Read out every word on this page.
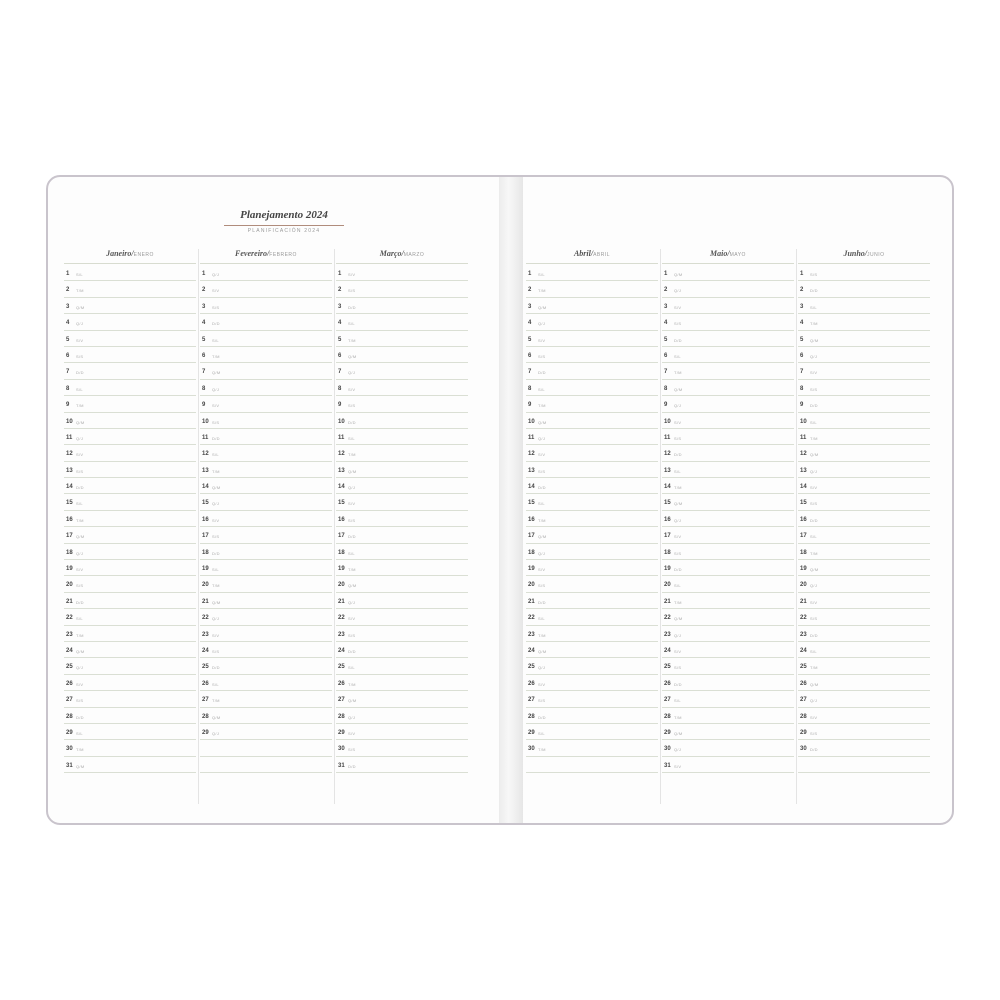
Planejamento 2024
PLANIFICACIÓN 2024
Janeiro/ENERO
1 S/L
2 T/M
3 Q/M
4 Q/J
5 S/V
6 S/S
7 D/D
8 S/L
9 T/M
10 Q/M
11 Q/J
12 S/V
13 S/S
14 D/D
15 S/L
16 T/M
17 Q/M
18 Q/J
19 S/V
20 S/S
21 D/D
22 S/L
23 T/M
24 Q/M
25 Q/J
26 S/V
27 S/S
28 D/D
29 S/L
30 T/M
31 Q/M
Fevereiro/FEBRERO
1 Q/J
2 S/V
3 S/S
4 D/D
5 S/L
6 T/M
7 Q/M
8 Q/J
9 S/V
10 S/S
11 D/D
12 S/L
13 T/M
14 Q/M
15 Q/J
16 S/V
17 S/S
18 D/D
19 S/L
20 T/M
21 Q/M
22 Q/J
23 S/V
24 S/S
25 D/D
26 S/L
27 T/M
28 Q/M
29 Q/J
Março/MARZO
1 S/V
2 S/S
3 D/D
4 S/L
5 T/M
6 Q/M
7 Q/J
8 S/V
9 S/S
10 D/D
11 S/L
12 T/M
13 Q/M
14 Q/J
15 S/V
16 S/S
17 D/D
18 S/L
19 T/M
20 Q/M
21 Q/J
22 S/V
23 S/S
24 D/D
25 S/L
26 T/M
27 Q/M
28 Q/J
29 S/V
30 S/S
31 D/D
Abril/ABRIL
1 S/L
2 T/M
3 Q/M
4 Q/J
5 S/V
6 S/S
7 D/D
8 S/L
9 T/M
10 Q/M
11 Q/J
12 S/V
13 S/S
14 D/D
15 S/L
16 T/M
17 Q/M
18 Q/J
19 S/V
20 S/S
21 D/D
22 S/L
23 T/M
24 Q/M
25 Q/J
26 S/V
27 S/S
28 D/D
29 S/L
30 T/M
Maio/MAYO
1 Q/M
2 Q/J
3 S/V
4 S/S
5 D/D
6 S/L
7 T/M
8 Q/M
9 Q/J
10 S/V
11 S/S
12 D/D
13 S/L
14 T/M
15 Q/M
16 Q/J
17 S/V
18 S/S
19 D/D
20 S/L
21 T/M
22 Q/M
23 Q/J
24 S/V
25 S/S
26 D/D
27 S/L
28 T/M
29 Q/M
30 Q/J
31 S/V
Junho/JUNIO
1 S/S
2 D/D
3 S/L
4 T/M
5 Q/M
6 Q/J
7 S/V
8 S/S
9 D/D
10 S/L
11 T/M
12 Q/M
13 Q/J
14 S/V
15 S/S
16 D/D
17 S/L
18 T/M
19 Q/M
20 Q/J
21 S/V
22 S/S
23 D/D
24 S/L
25 T/M
26 Q/M
27 Q/J
28 S/V
29 S/S
30 D/D
